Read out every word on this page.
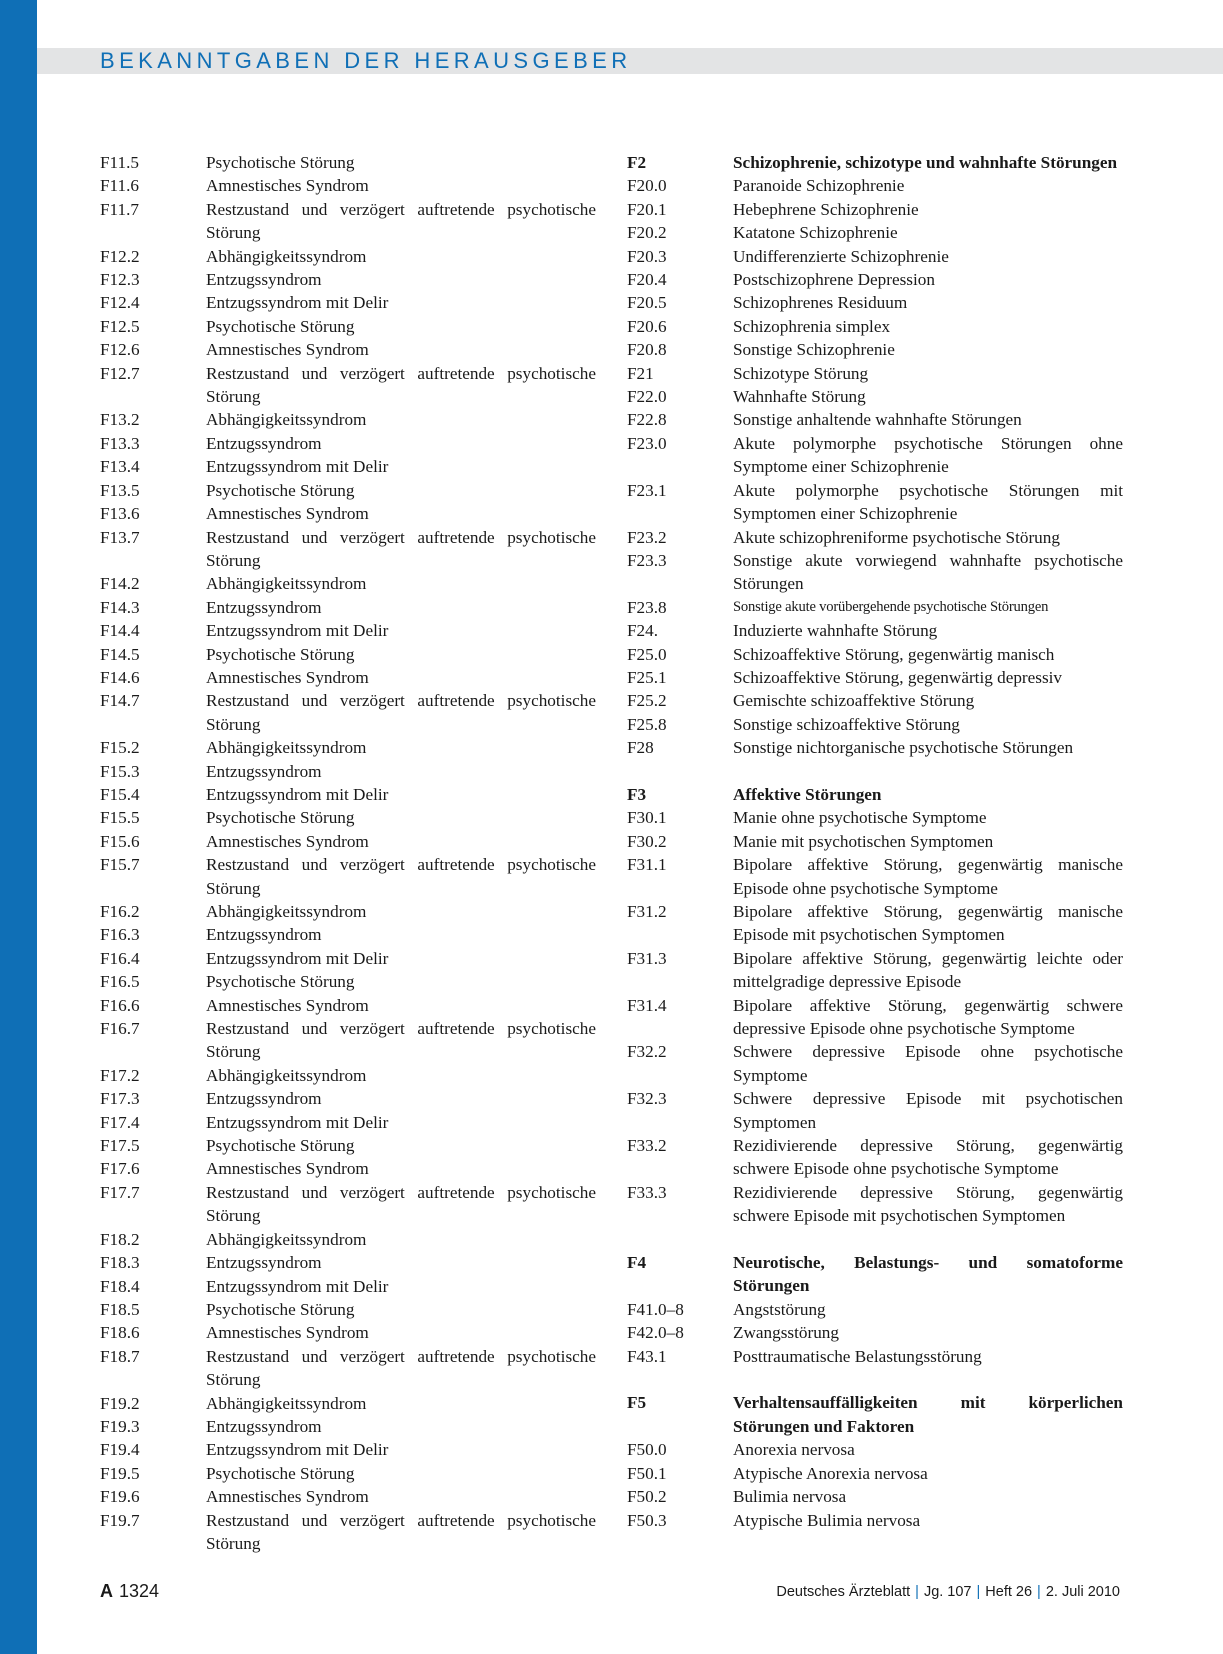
BEKANNTGABEN DER HERAUSGEBER
F11.5	Psychotische Störung
F11.6	Amnestisches Syndrom
F11.7	Restzustand und verzögert auftretende psychotische Störung
F12.2	Abhängigkeitssyndrom
F12.3	Entzugssyndrom
F12.4	Entzugssyndrom mit Delir
F12.5	Psychotische Störung
F12.6	Amnestisches Syndrom
F12.7	Restzustand und verzögert auftretende psychotische Störung
F13.2	Abhängigkeitssyndrom
F13.3	Entzugssyndrom
F13.4	Entzugssyndrom mit Delir
F13.5	Psychotische Störung
F13.6	Amnestisches Syndrom
F13.7	Restzustand und verzögert auftretende psychotische Störung
F14.2	Abhängigkeitssyndrom
F14.3	Entzugssyndrom
F14.4	Entzugssyndrom mit Delir
F14.5	Psychotische Störung
F14.6	Amnestisches Syndrom
F14.7	Restzustand und verzögert auftretende psychotische Störung
F15.2	Abhängigkeitssyndrom
F15.3	Entzugssyndrom
F15.4	Entzugssyndrom mit Delir
F15.5	Psychotische Störung
F15.6	Amnestisches Syndrom
F15.7	Restzustand und verzögert auftretende psychotische Störung
F16.2	Abhängigkeitssyndrom
F16.3	Entzugssyndrom
F16.4	Entzugssyndrom mit Delir
F16.5	Psychotische Störung
F16.6	Amnestisches Syndrom
F16.7	Restzustand und verzögert auftretende psychotische Störung
F17.2	Abhängigkeitssyndrom
F17.3	Entzugssyndrom
F17.4	Entzugssyndrom mit Delir
F17.5	Psychotische Störung
F17.6	Amnestisches Syndrom
F17.7	Restzustand und verzögert auftretende psychotische Störung
F18.2	Abhängigkeitssyndrom
F18.3	Entzugssyndrom
F18.4	Entzugssyndrom mit Delir
F18.5	Psychotische Störung
F18.6	Amnestisches Syndrom
F18.7	Restzustand und verzögert auftretende psychotische Störung
F19.2	Abhängigkeitssyndrom
F19.3	Entzugssyndrom
F19.4	Entzugssyndrom mit Delir
F19.5	Psychotische Störung
F19.6	Amnestisches Syndrom
F19.7	Restzustand und verzögert auftretende psychotische Störung
F2	Schizophrenie, schizotype und wahnhafte Störungen
F20.0	Paranoide Schizophrenie
F20.1	Hebephrene Schizophrenie
F20.2	Katatone Schizophrenie
F20.3	Undifferenzierte Schizophrenie
F20.4	Postschizophrene Depression
F20.5	Schizophrenes Residuum
F20.6	Schizophrenia simplex
F20.8	Sonstige Schizophrenie
F21	Schizotype Störung
F22.0	Wahnhafte Störung
F22.8	Sonstige anhaltende wahnhafte Störungen
F23.0	Akute polymorphe psychotische Störungen ohne Symptome einer Schizophrenie
F23.1	Akute polymorphe psychotische Störungen mit Symptomen einer Schizophrenie
F23.2	Akute schizophreniforme psychotische Störung
F23.3	Sonstige akute vorwiegend wahnhafte psychotische Störungen
F23.8	Sonstige akute vorübergehende psychotische Störungen
F24.	Induzierte wahnhafte Störung
F25.0	Schizoaffektive Störung, gegenwärtig manisch
F25.1	Schizoaffektive Störung, gegenwärtig depressiv
F25.2	Gemischte schizoaffektive Störung
F25.8	Sonstige schizoaffektive Störung
F28	Sonstige nichtorganische psychotische Störungen
F3	Affektive Störungen
F30.1	Manie ohne psychotische Symptome
F30.2	Manie mit psychotischen Symptomen
F31.1	Bipolare affektive Störung, gegenwärtig manische Episode ohne psychotische Symptome
F31.2	Bipolare affektive Störung, gegenwärtig manische Episode mit psychotischen Symptomen
F31.3	Bipolare affektive Störung, gegenwärtig leichte oder mittelgradige depressive Episode
F31.4	Bipolare affektive Störung, gegenwärtig schwere depressive Episode ohne psychotische Symptome
F32.2	Schwere depressive Episode ohne psychotische Symptome
F32.3	Schwere depressive Episode mit psychotischen Symptomen
F33.2	Rezidivierende depressive Störung, gegenwärtig schwere Episode ohne psychotische Symptome
F33.3	Rezidivierende depressive Störung, gegenwärtig schwere Episode mit psychotischen Symptomen
F4	Neurotische, Belastungs- und somatoforme Störungen
F41.0–8	Angststörung
F42.0–8	Zwangsstörung
F43.1	Posttraumatische Belastungsstörung
F5	Verhaltensauffälligkeiten mit körperlichen Störungen und Faktoren
F50.0	Anorexia nervosa
F50.1	Atypische Anorexia nervosa
F50.2	Bulimia nervosa
F50.3	Atypische Bulimia nervosa

A 1324	Deutsches Ärzteblatt | Jg. 107 | Heft 26 | 2. Juli 2010
